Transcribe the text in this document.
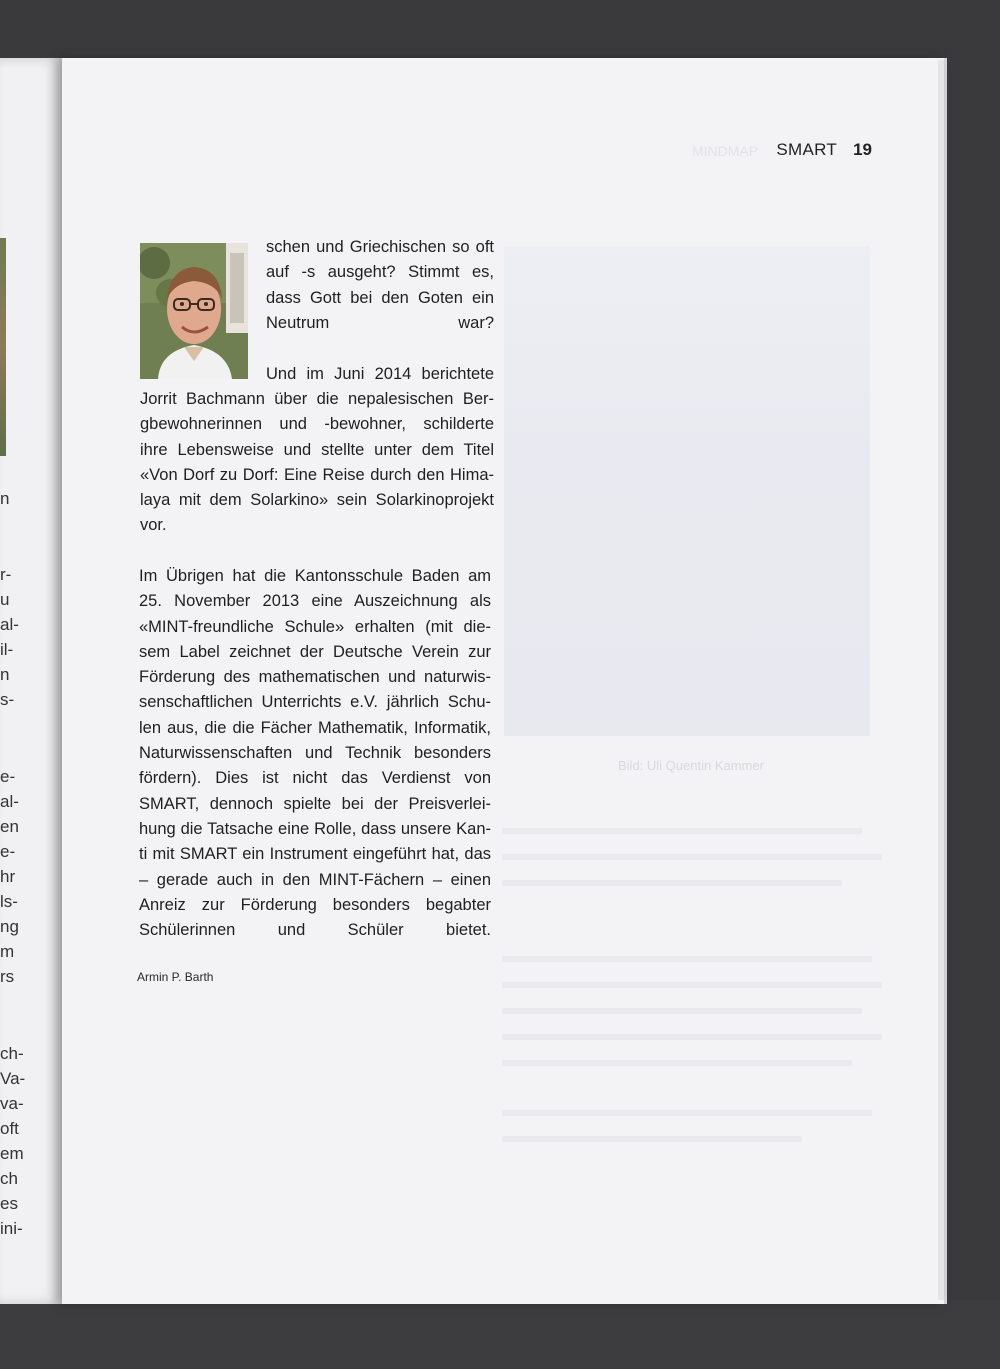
n
r-
u
al-
il-
n
s-
e-
al-
en
e-
hr
ls-
ng
m
rs
ch-
Va-
va-
oft
em
ch
es
ini-
MINDMAP SMART 19
Bild: Uli Quentin Kammer
schen und Griechischen so oft
auf -s ausgeht? Stimmt es,
dass Gott bei den Goten ein
Neutrum war?
Und im Juni 2014 berichtete
Jorrit Bachmann über die nepalesischen Ber-
gbewohnerinnen und -bewohner, schilderte
ihre Lebensweise und stellte unter dem Titel
«Von Dorf zu Dorf: Eine Reise durch den Hima-
laya mit dem Solarkino» sein Solarkinoprojekt
vor.
Im Übrigen hat die Kantonsschule Baden am
25. November 2013 eine Auszeichnung als
«MINT-freundliche Schule» erhalten (mit die-
sem Label zeichnet der Deutsche Verein zur
Förderung des mathematischen und naturwis-
senschaftlichen Unterrichts e.V. jährlich Schu-
len aus, die die Fächer Mathematik, Informatik,
Naturwissenschaften und Technik besonders
fördern). Dies ist nicht das Verdienst von
SMART, dennoch spielte bei der Preisverlei-
hung die Tatsache eine Rolle, dass unsere Kan-
ti mit SMART ein Instrument eingeführt hat, das
– gerade auch in den MINT-Fächern – einen
Anreiz zur Förderung besonders begabter
Schülerinnen und Schüler bietet.
Armin P. Barth
